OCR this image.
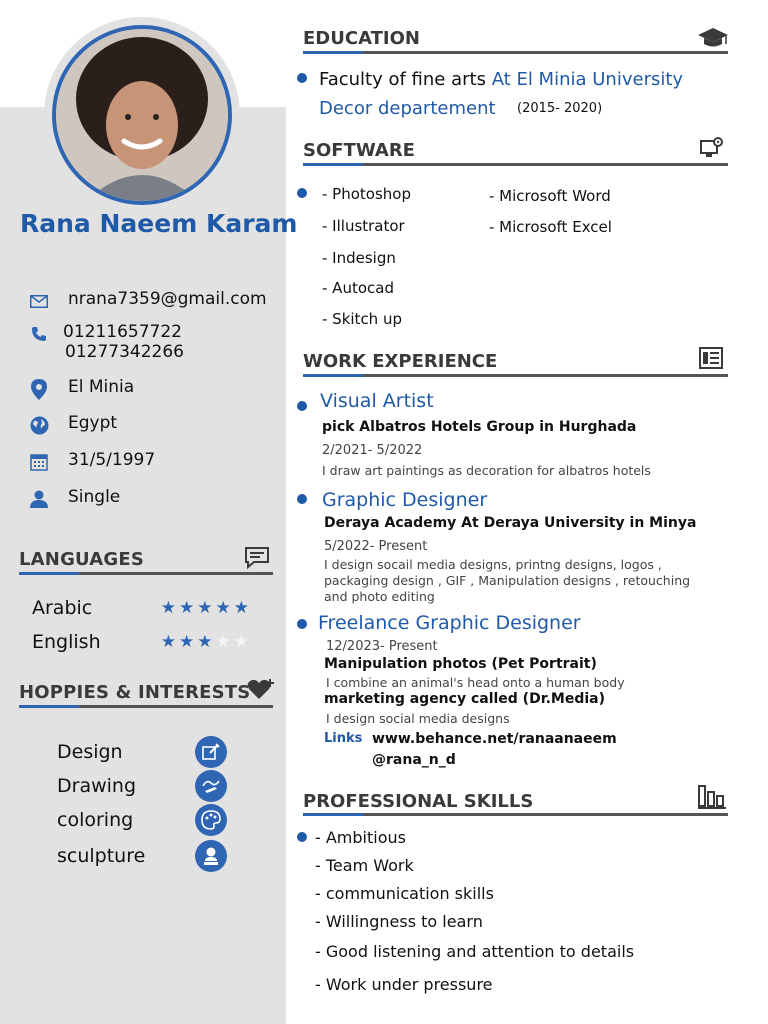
Rana Naeem Karam
nrana7359@gmail.com
01211657722
01277342266
El Minia
Egypt
31/5/1997
Single
LANGUAGES
Arabic	★★★★★
English	★★★★★
HOPPIES & INTERESTS
Design
Drawing
coloring
sculpture
EDUCATION
Faculty of fine arts At El Minia University
Decor departement (2015- 2020)
SOFTWARE
- Photoshop
- Illustrator
- Indesign
- Autocad
- Skitch up
- Microsoft Word
- Microsoft Excel
WORK EXPERIENCE
Visual Artist
pick Albatros Hotels Group in Hurghada
2/2021- 5/2022
I draw art paintings as decoration for albatros hotels
Graphic Designer
Deraya Academy At Deraya University in Minya
5/2022- Present
I design socail media designs, printng designs, logos ,
packaging design , GIF , Manipulation designs , retouching
and photo editing
Freelance Graphic Designer
12/2023- Present
Manipulation photos (Pet Portrait)
I combine an animal's head onto a human body
marketing agency called (Dr.Media)
I design social media designs
Links www.behance.net/ranaanaeem
@rana_n_d
PROFESSIONAL SKILLS
- Ambitious
- Team Work
- communication skills
- Willingness to learn
- Good listening and attention to details
- Work under pressure
